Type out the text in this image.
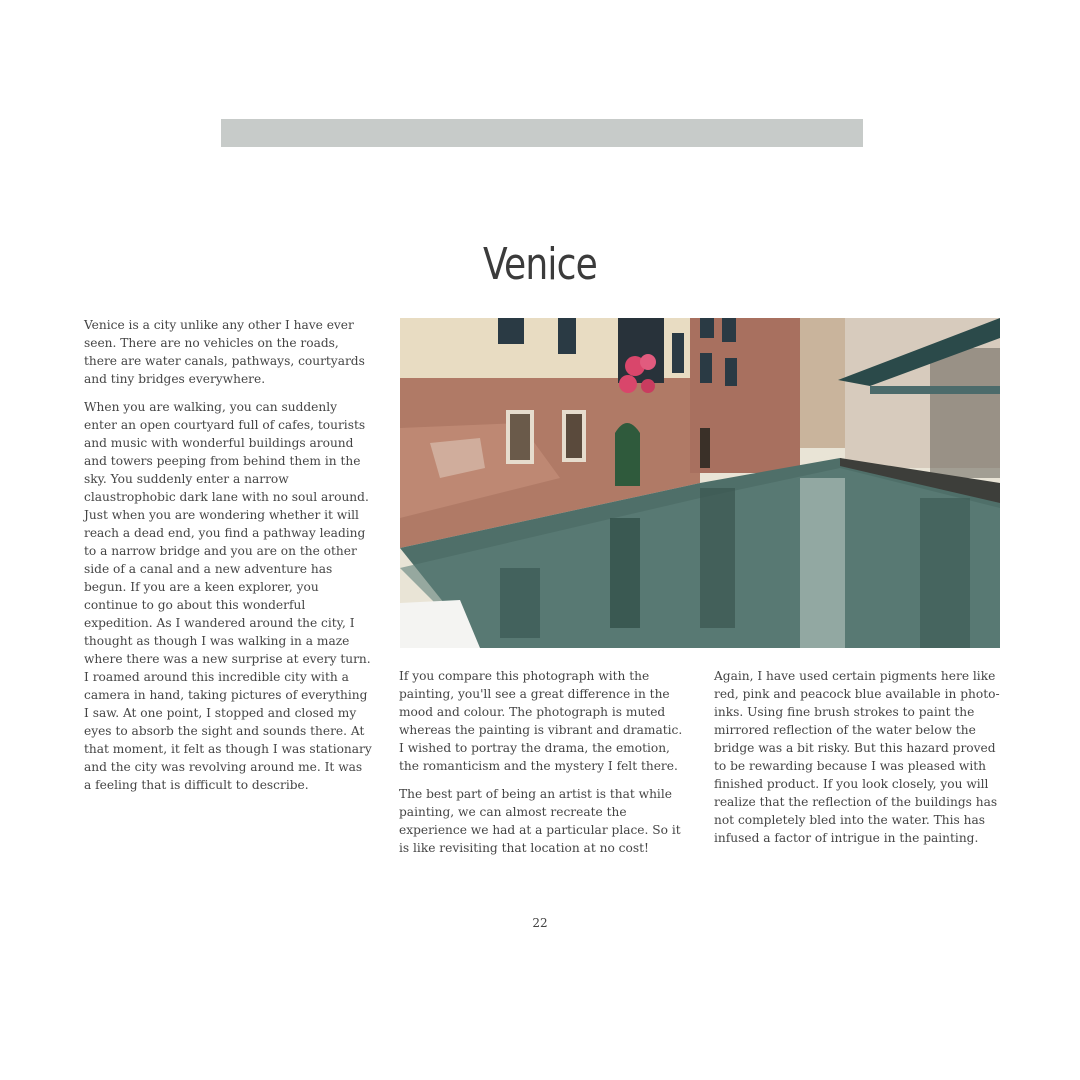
Venice

Venice is a city unlike any other I have ever seen. There are no vehicles on the roads, there are water canals, pathways, courtyards and tiny bridges everywhere.

When you are walking, you can suddenly enter an open courtyard full of cafes, tourists and music with wonderful buildings around and towers peeping from behind them in the sky. You suddenly enter a narrow claustrophobic dark lane with no soul around. Just when you are wondering whether it will reach a dead end, you find a pathway leading to a narrow bridge and you are on the other side of a canal and a new adventure has begun. If you are a keen explorer, you continue to go about this wonderful expedition. As I wandered around the city, I thought as though I was walking in a maze where there was a new surprise at every turn. I roamed around this incredible city with a camera in hand, taking pictures of everything I saw. At one point, I stopped and closed my eyes to absorb the sight and sounds there. At that moment, it felt as though I was stationary and the city was revolving around me. It was a feeling that is difficult to describe.

If you compare this photograph with the painting, you'll see a great difference in the mood and colour. The photograph is muted whereas the painting is vibrant and dramatic. I wished to portray the drama, the emotion, the romanticism and the mystery I felt there.

The best part of being an artist is that while painting, we can almost recreate the experience we had at a particular place. So it is like revisiting that location at no cost!

Again, I have used certain pigments here like red, pink and peacock blue available in photo-inks. Using fine brush strokes to paint the mirrored reflection of the water below the bridge was a bit risky. But this hazard proved to be rewarding because I was pleased with finished product. If you look closely, you will realize that the reflection of the buildings has not completely bled into the water. This has infused a factor of intrigue in the painting.

22
